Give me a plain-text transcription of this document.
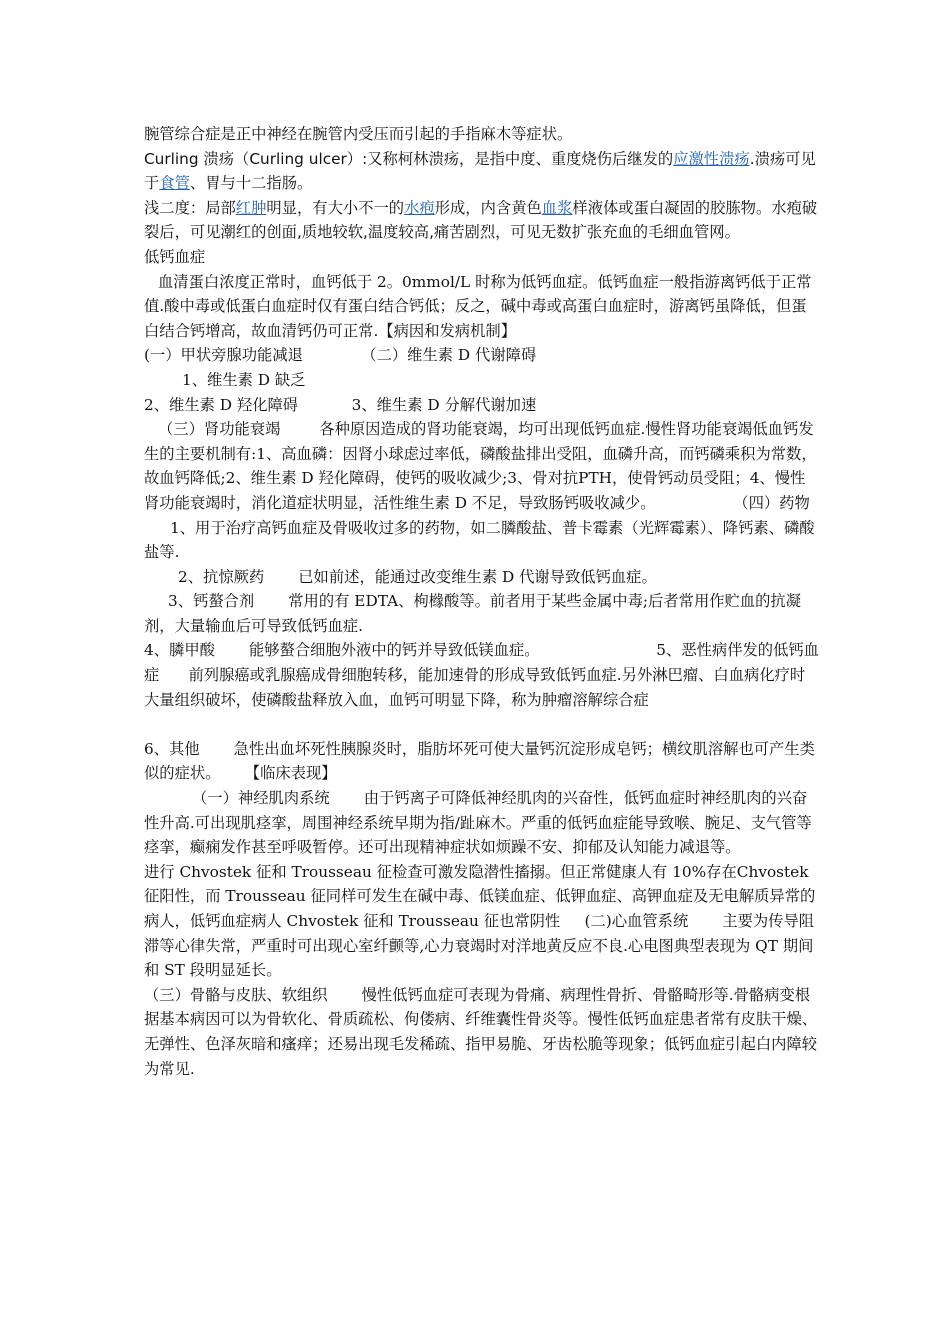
腕管综合症是正中神经在腕管内受压而引起的手指麻木等症状。

Curling 溃疡（Curling ulcer）:又称柯林溃疡，是指中度、重度烧伤后继发的应激性溃疡.溃疡可见于食管、胃与十二指肠。

浅二度：局部红肿明显，有大小不一的水疱形成，内含黄色血浆样液体或蛋白凝固的胶胨物。水疱破裂后，可见潮红的创面,质地较软,温度较高,痛苦剧烈，可见无数扩张充血的毛细血管网。

低钙血症

血清蛋白浓度正常时，血钙低于 2。0mmol/L 时称为低钙血症。低钙血症一般指游离钙低于正常值.酸中毒或低蛋白血症时仅有蛋白结合钙低；反之，碱中毒或高蛋白血症时，游离钙虽降低，但蛋白结合钙增高，故血清钙仍可正常.【病因和发病机制】

(一）甲状旁腺功能减退            （二）维生素 D 代谢障碍

1、维生素 D 缺乏

2、维生素 D 羟化障碍           3、维生素 D 分解代谢加速

（三）肾功能衰竭        各种原因造成的肾功能衰竭，均可出现低钙血症.慢性肾功能衰竭低血钙发生的主要机制有:1、高血磷：因肾小球虑过率低，磷酸盐排出受阻，血磷升高，而钙磷乘积为常数，故血钙降低;2、维生素 D 羟化障碍，使钙的吸收减少;3、骨对抗PTH，使骨钙动员受阻；4、慢性肾功能衰竭时，消化道症状明显，活性维生素 D 不足，导致肠钙吸收减少。                （四）药物

1、用于治疗高钙血症及骨吸收过多的药物，如二膦酸盐、普卡霉素（光辉霉素）、降钙素、磷酸盐等.

2、抗惊厥药       已如前述，能通过改变维生素 D 代谢导致低钙血症。

3、钙螯合剂       常用的有 EDTA、枸橼酸等。前者用于某些金属中毒;后者常用作贮血的抗凝剂，大量输血后可导致低钙血症.

4、膦甲酸       能够螯合细胞外液中的钙并导致低镁血症。                        5、恶性病伴发的低钙血症      前列腺癌或乳腺癌成骨细胞转移，能加速骨的形成导致低钙血症.另外淋巴瘤、白血病化疗时大量组织破坏，使磷酸盐释放入血，血钙可明显下降，称为肿瘤溶解综合症

6、其他       急性出血坏死性胰腺炎时，脂肪坏死可使大量钙沉淀形成皂钙；横纹肌溶解也可产生类似的症状。     【临床表现】

（一）神经肌肉系统       由于钙离子可降低神经肌肉的兴奋性，低钙血症时神经肌肉的兴奋性升高.可出现肌痉挛，周围神经系统早期为指/趾麻木。严重的低钙血症能导致喉、腕足、支气管等痉挛，癫痫发作甚至呼吸暂停。还可出现精神症状如烦躁不安、抑郁及认知能力减退等。

进行 Chvostek 征和 Trousseau 征检查可激发隐潜性搐搦。但正常健康人有 10%存在Chvostek 征阳性，而 Trousseau 征同样可发生在碱中毒、低镁血症、低钾血症、高钾血症及无电解质异常的病人，低钙血症病人 Chvostek 征和 Trousseau 征也常阴性     (二)心血管系统       主要为传导阻滞等心律失常，严重时可出现心室纤颤等,心力衰竭时对洋地黄反应不良.心电图典型表现为 QT 期间和 ST 段明显延长。

（三）骨骼与皮肤、软组织       慢性低钙血症可表现为骨痛、病理性骨折、骨骼畸形等.骨骼病变根据基本病因可以为骨软化、骨质疏松、佝偻病、纤维囊性骨炎等。慢性低钙血症患者常有皮肤干燥、无弹性、色泽灰暗和瘙痒；还易出现毛发稀疏、指甲易脆、牙齿松脆等现象；低钙血症引起白内障较为常见.
